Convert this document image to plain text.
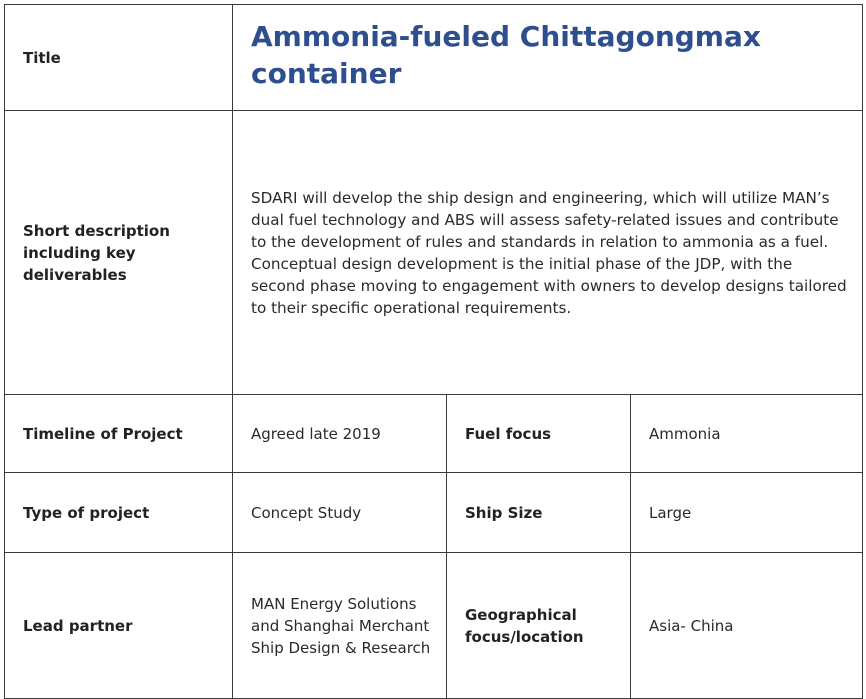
Title	Ammonia-fueled Chittagongmax container		
Short description including key deliverables	SDARI will develop the ship design and engineering, which will utilize MAN’s dual fuel technology and ABS will assess safety-related issues and contribute to the development of rules and standards in relation to ammonia as a fuel. Conceptual design development is the initial phase of the JDP, with the second phase moving to engagement with owners to develop designs tailored to their specific operational requirements.		
Timeline of Project	Agreed late 2019	Fuel focus	Ammonia
Type of project	Concept Study	Ship Size	Large
Lead partner	MAN Energy Solutions and Shanghai Merchant Ship Design & Research	Geographical focus/location	Asia- China
